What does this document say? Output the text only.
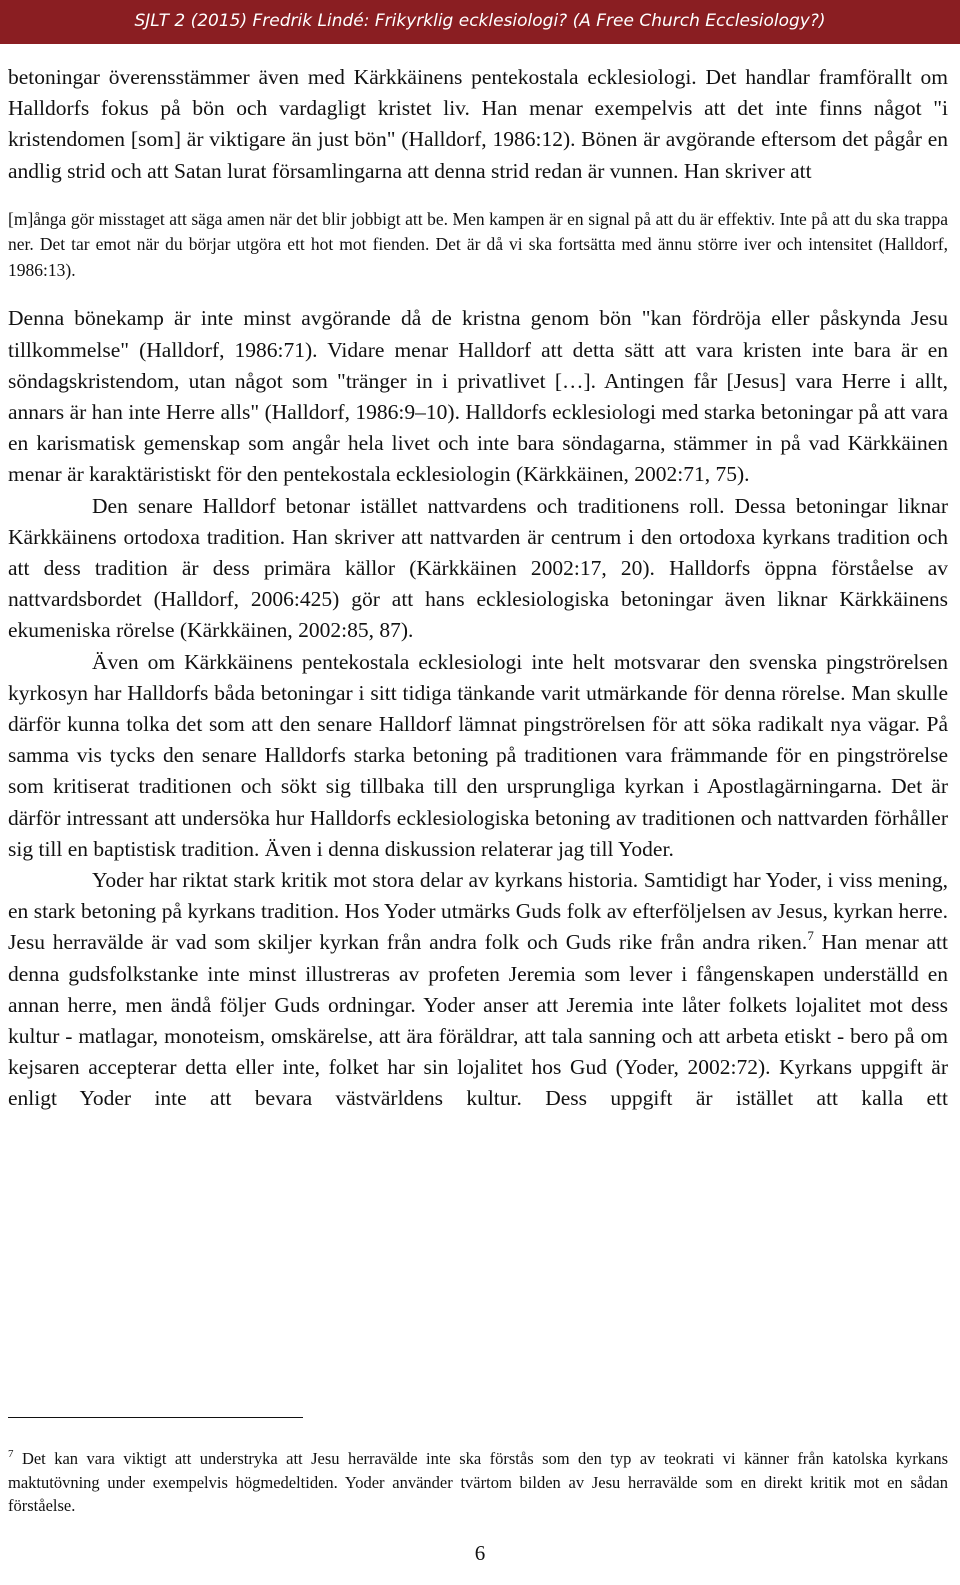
SJLT 2 (2015) Fredrik Lindé: Frikyrklig ecklesiologi? (A Free Church Ecclesiology?)

betoningar överensstämmer även med Kärkkäinens pentekostala ecklesiologi. Det handlar framförallt om Halldorfs fokus på bön och vardagligt kristet liv. Han menar exempelvis att det inte finns något "i kristendomen [som] är viktigare än just bön" (Halldorf, 1986:12). Bönen är avgörande eftersom det pågår en andlig strid och att Satan lurat församlingarna att denna strid redan är vunnen. Han skriver att

[m]ånga gör misstaget att säga amen när det blir jobbigt att be. Men kampen är en signal på att du är effektiv. Inte på att du ska trappa ner. Det tar emot när du börjar utgöra ett hot mot fienden. Det är då vi ska fortsätta med ännu större iver och intensitet (Halldorf, 1986:13).

Denna bönekamp är inte minst avgörande då de kristna genom bön "kan fördröja eller påskynda Jesu tillkommelse" (Halldorf, 1986:71). Vidare menar Halldorf att detta sätt att vara kristen inte bara är en söndagskristendom, utan något som "tränger in i privatlivet […]. Antingen får [Jesus] vara Herre i allt, annars är han inte Herre alls" (Halldorf, 1986:9–10). Halldorfs ecklesiologi med starka betoningar på att vara en karismatisk gemenskap som angår hela livet och inte bara söndagarna, stämmer in på vad Kärkkäinen menar är karaktäristiskt för den pentekostala ecklesiologin (Kärkkäinen, 2002:71, 75).

Den senare Halldorf betonar istället nattvardens och traditionens roll. Dessa betoningar liknar Kärkkäinens ortodoxa tradition. Han skriver att nattvarden är centrum i den ortodoxa kyrkans tradition och att dess tradition är dess primära källor (Kärkkäinen 2002:17, 20). Halldorfs öppna förståelse av nattvardsbordet (Halldorf, 2006:425) gör att hans ecklesiologiska betoningar även liknar Kärkkäinens ekumeniska rörelse (Kärkkäinen, 2002:85, 87).

Även om Kärkkäinens pentekostala ecklesiologi inte helt motsvarar den svenska pingströrelsen kyrkosyn har Halldorfs båda betoningar i sitt tidiga tänkande varit utmärkande för denna rörelse. Man skulle därför kunna tolka det som att den senare Halldorf lämnat pingströrelsen för att söka radikalt nya vägar. På samma vis tycks den senare Halldorfs starka betoning på traditionen vara främmande för en pingströrelse som kritiserat traditionen och sökt sig tillbaka till den ursprungliga kyrkan i Apostlagärningarna. Det är därför intressant att undersöka hur Halldorfs ecklesiologiska betoning av traditionen och nattvarden förhåller sig till en baptistisk tradition. Även i denna diskussion relaterar jag till Yoder.

Yoder har riktat stark kritik mot stora delar av kyrkans historia. Samtidigt har Yoder, i viss mening, en stark betoning på kyrkans tradition. Hos Yoder utmärks Guds folk av efterföljelsen av Jesus, kyrkan herre. Jesu herravälde är vad som skiljer kyrkan från andra folk och Guds rike från andra riken.$^7$ Han menar att denna gudsfolkstanke inte minst illustreras av profeten Jeremia som lever i fångenskapen underställd en annan herre, men ändå följer Guds ordningar. Yoder anser att Jeremia inte låter folkets lojalitet mot dess kultur - matlagar, monoteism, omskärelse, att ära föräldrar, att tala sanning och att arbeta etiskt - bero på om kejsaren accepterar detta eller inte, folket har sin lojalitet hos Gud (Yoder, 2002:72). Kyrkans uppgift är enligt Yoder inte att bevara västvärldens kultur. Dess uppgift är istället att kalla ett

$^7$ Det kan vara viktigt att understryka att Jesu herravälde inte ska förstås som den typ av teokrati vi känner från katolska kyrkans maktutövning under exempelvis högmedeltiden. Yoder använder tvärtom bilden av Jesu herravälde som en direkt kritik mot en sådan förståelse.

6
